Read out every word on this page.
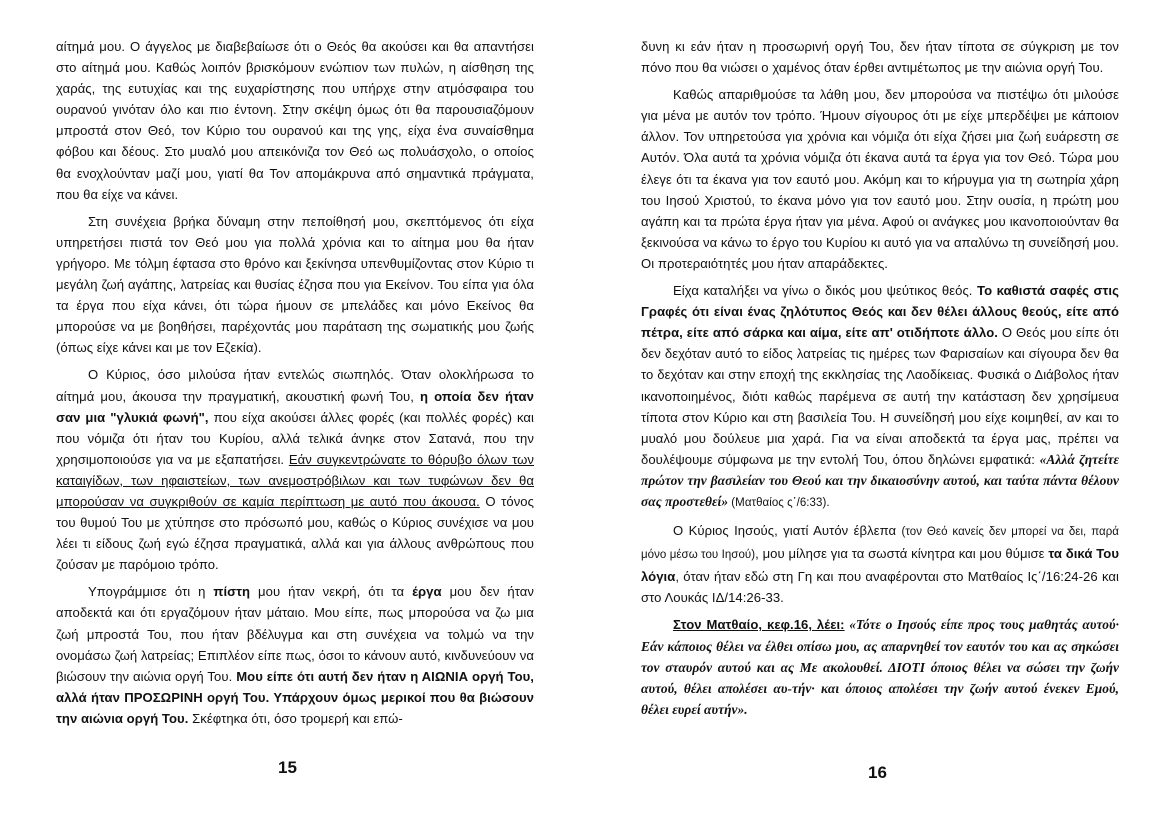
αίτημά μου. Ο άγγελος με διαβεβαίωσε ότι ο Θεός θα ακούσει και θα απαντήσει στο αίτημά μου. Καθώς λοιπόν βρισκόμουν ενώπιον των πυλών, η αίσθηση της χαράς, της ευτυχίας και της ευχαρίστησης που υπήρχε στην ατμόσφαιρα του ουρανού γινόταν όλο και πιο έντονη. Στην σκέψη όμως ότι θα παρουσιαζόμουν μπροστά στον Θεό, τον Κύριο του ουρανού και της γης, είχα ένα συναίσθημα φόβου και δέους. Στο μυαλό μου απεικόνιζα τον Θεό ως πολυάσχολο, ο οποίος θα ενοχλούνταν μαζί μου, γιατί θα Τον απομάκρυνα από σημαντικά πράγματα, που θα είχε να κάνει.

Στη συνέχεια βρήκα δύναμη στην πεποίθησή μου, σκεπτόμενος ότι είχα υπηρετήσει πιστά τον Θεό μου για πολλά χρόνια και το αίτημα μου θα ήταν γρήγορο. Με τόλμη έφτασα στο θρόνο και ξεκίνησα υπενθυμίζοντας στον Κύριο τι μεγάλη ζωή αγάπης, λατρείας και θυσίας έζησα που για Εκείνον. Του είπα για όλα τα έργα που είχα κάνει, ότι τώρα ήμουν σε μπελάδες και μόνο Εκείνος θα μπορούσε να με βοηθήσει, παρέχοντάς μου παράταση της σωματικής μου ζωής (όπως είχε κάνει και με τον Εζεκία).

Ο Κύριος, όσο μιλούσα ήταν εντελώς σιωπηλός. Όταν ολοκλήρωσα το αίτημά μου, άκουσα την πραγματική, ακουστική φωνή Του, η οποία δεν ήταν σαν μια "γλυκιά φωνή", που είχα ακούσει άλλες φορές (και πολλές φορές) και που νόμιζα ότι ήταν του Κυρίου, αλλά τελικά άνηκε στον Σατανά, που την χρησιμοποιούσε για να με εξαπατήσει. Εάν συγκεντρώνατε το θόρυβο όλων των καταιγίδων, των ηφαιστείων, των ανεμοστρόβιλων και των τυφώνων δεν θα μπορούσαν να συγκριθούν σε καμία περίπτωση με αυτό που άκουσα. Ο τόνος του θυμού Του με χτύπησε στο πρόσωπό μου, καθώς ο Κύριος συνέχισε να μου λέει τι είδους ζωή εγώ έζησα πραγματικά, αλλά και για άλλους ανθρώπους που ζούσαν με παρόμοιο τρόπο.

Υπογράμμισε ότι η πίστη μου ήταν νεκρή, ότι τα έργα μου δεν ήταν αποδεκτά και ότι εργαζόμουν ήταν μάταιο. Μου είπε, πως μπορούσα να ζω μια ζωή μπροστά Του, που ήταν βδέλυγμα και στη συνέχεια να τολμώ να την ονομάσω ζωή λατρείας; Επιπλέον είπε πως, όσοι το κάνουν αυτό, κινδυνεύουν να βιώσουν την αιώνια οργή Του. Μου είπε ότι αυτή δεν ήταν η ΑΙΩΝΙΑ οργή Του, αλλά ήταν ΠΡΟΣΩΡΙΝΗ οργή Του. Υπάρχουν όμως μερικοί που θα βιώσουν την αιώνια οργή Του. Σκέφτηκα ότι, όσο τρομερή και επώ-

15

δυνη κι εάν ήταν η προσωρινή οργή Του, δεν ήταν τίποτα σε σύγκριση με τον πόνο που θα νιώσει ο χαμένος όταν έρθει αντιμέτωπος με την αιώνια οργή Του.

Καθώς απαριθμούσε τα λάθη μου, δεν μπορούσα να πιστέψω ότι μιλούσε για μένα με αυτόν τον τρόπο. Ήμουν σίγουρος ότι με είχε μπερδέψει με κάποιον άλλον. Τον υπηρετούσα για χρόνια και νόμιζα ότι είχα ζήσει μια ζωή ευάρεστη σε Αυτόν. Όλα αυτά τα χρόνια νόμιζα ότι έκανα αυτά τα έργα για τον Θεό. Τώρα μου έλεγε ότι τα έκανα για τον εαυτό μου. Ακόμη και το κήρυγμα για τη σωτηρία χάρη του Ιησού Χριστού, το έκανα μόνο για τον εαυτό μου. Στην ουσία, η πρώτη μου αγάπη και τα πρώτα έργα ήταν για μένα. Αφού οι ανάγκες μου ικανοποιούνταν θα ξεκινούσα να κάνω το έργο του Κυρίου κι αυτό για να απαλύνω τη συνείδησή μου. Οι προτεραιότητές μου ήταν απαράδεκτες.

Είχα καταλήξει να γίνω ο δικός μου ψεύτικος θεός. Το καθιστά σαφές στις Γραφές ότι είναι ένας ζηλότυπος Θεός και δεν θέλει άλλους θεούς, είτε από πέτρα, είτε από σάρκα και αίμα, είτε απ' οτιδήποτε άλλο. Ο Θεός μου είπε ότι δεν δεχόταν αυτό το είδος λατρείας τις ημέρες των Φαρισαίων και σίγουρα δεν θα το δεχόταν και στην εποχή της εκκλησίας της Λαοδίκειας. Φυσικά ο Διάβολος ήταν ικανοποιημένος, διότι καθώς παρέμενα σε αυτή την κατάσταση δεν χρησίμευα τίποτα στον Κύριο και στη βασιλεία Του. Η συνείδησή μου είχε κοιμηθεί, αν και το μυαλό μου δούλευε μια χαρά. Για να είναι αποδεκτά τα έργα μας, πρέπει να δουλέψουμε σύμφωνα με την εντολή Του, όπου δηλώνει εμφατικά: «Αλλά ζητείτε πρώτον την βασιλείαν του Θεού και την δικαιοσύνην αυτού, και ταύτα πάντα θέλουν σας προστεθεί» (Ματθαίος ς΄/6:33).

Ο Κύριος Ιησούς, γιατί Αυτόν έβλεπα (τον Θεό κανείς δεν μπορεί να δει, παρά μόνο μέσω του Ιησού), μου μίλησε για τα σωστά κίνητρα και μου θύμισε τα δικά Του λόγια, όταν ήταν εδώ στη Γη και που αναφέρονται στο Ματθαίος Ις΄/16:24-26 και στο Λουκάς ΙΔ/14:26-33.

Στον Ματθαίο, κεφ.16, λέει: «Τότε ο Ιησούς είπε προς τους μαθητάς αυτού· Εάν κάποιος θέλει να έλθει οπίσω μου, ας απαρνηθεί τον εαυτόν του και ας σηκώσει τον σταυρόν αυτού και ας Με ακολουθεί. ΔΙΟΤΙ όποιος θέλει να σώσει την ζωήν αυτού, θέλει απολέσει αυ-τήν· και όποιος απολέσει την ζωήν αυτού ένεκεν Εμού, θέλει ευρεί αυτήν».

16
